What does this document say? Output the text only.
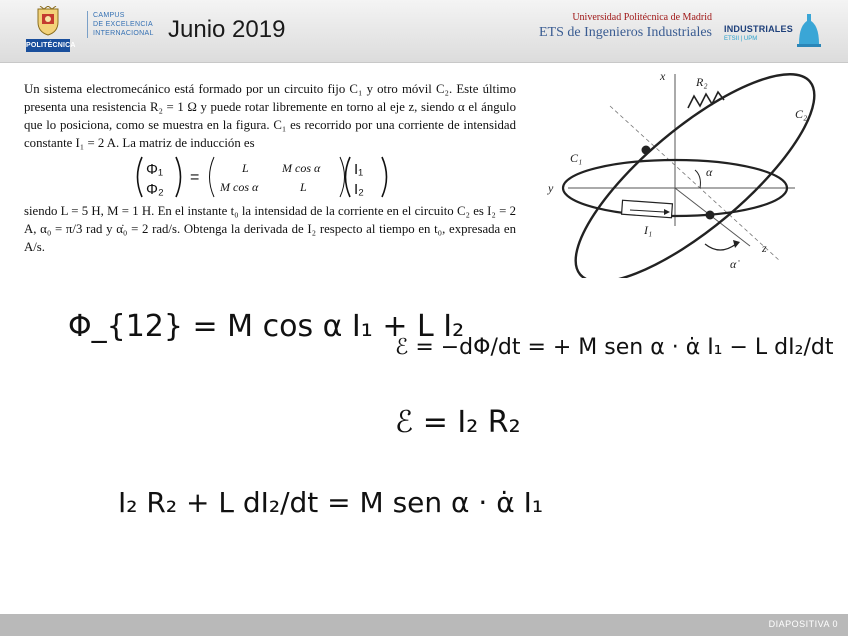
POLITÉCNICA
CAMPUS
DE EXCELENCIA
INTERNACIONAL Junio 2019	Universidad Politécnica de Madrid
ETS de Ingenieros Industriales INDUSTRIALES
ETSII | UPM

Un sistema electromecánico está formado por un circuito fijo C₁ y otro móvil C₂. Este último presenta una resistencia R₂ = 1 Ω y puede rotar libremente en torno al eje z, siendo α el ángulo que lo posiciona, como se muestra en la figura. C₁ es recorrido por una corriente de intensidad constante I₁ = 2 A. La matriz de inducción es

Φ₁
Φ₂
=
L	M cos α
M cos α	L
I₁
I₂

siendo L = 5 H, M = 1 H. En el instante t₀ la intensidad de la corriente en el circuito C₂ es I₂ = 2 A, α₀ = π/3 rad y α̇₀ = 2 rad/s. Obtenga la derivada de I₂ respecto al tiempo en t₀, expresada en A/s.

x
y
z
R₂
C₁
C₂
α
I₁
α̇
Φ_{12} = M cos α I₁ + L I₂
ℰ = −dΦ/dt = + M sen α · α̇ I₁ − L dI₂/dt
ℰ = I₂ R₂
I₂ R₂ + L dI₂/dt = M sen α · α̇ I₁
DIAPOSITIVA 0
